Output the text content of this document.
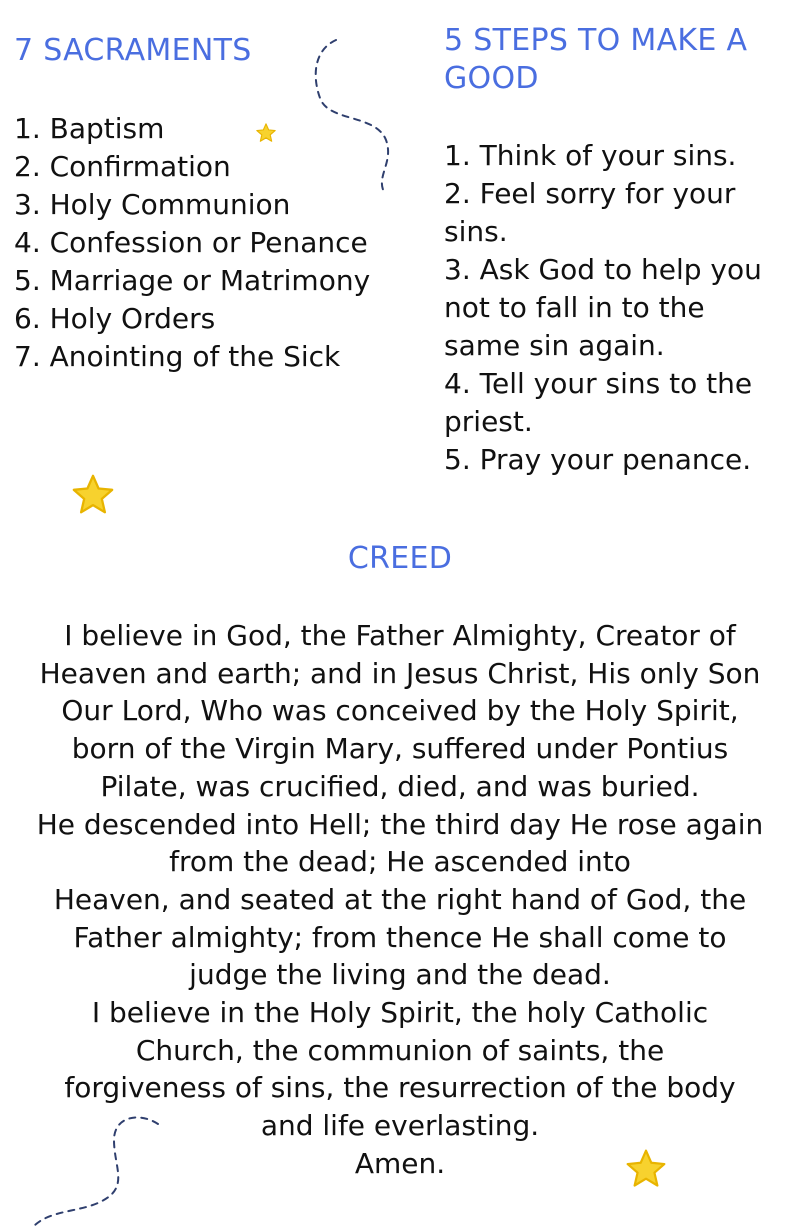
7 SACRAMENTS
1. Baptism
2. Confirmation
3. Holy Communion
4. Confession or Penance
5. Marriage or Matrimony
6. Holy Orders
7. Anointing of the Sick
5 STEPS TO MAKE A GOOD
1. Think of your sins.
2. Feel sorry for your sins.
3. Ask God to help you not to fall in to the same sin again.
4. Tell your sins to the priest.
5. Pray your penance.
CREED

I believe in God, the Father Almighty, Creator of
Heaven and earth; and in Jesus Christ, His only Son
Our Lord, Who was conceived by the Holy Spirit,
born of the Virgin Mary, suffered under Pontius
Pilate, was crucified, died, and was buried.
He descended into Hell; the third day He rose again
from the dead; He ascended into
Heaven, and seated at the right hand of God, the
Father almighty; from thence He shall come to
judge the living and the dead.
I believe in the Holy Spirit, the holy Catholic
Church, the communion of saints, the
forgiveness of sins, the resurrection of the body
and life everlasting.
Amen.
